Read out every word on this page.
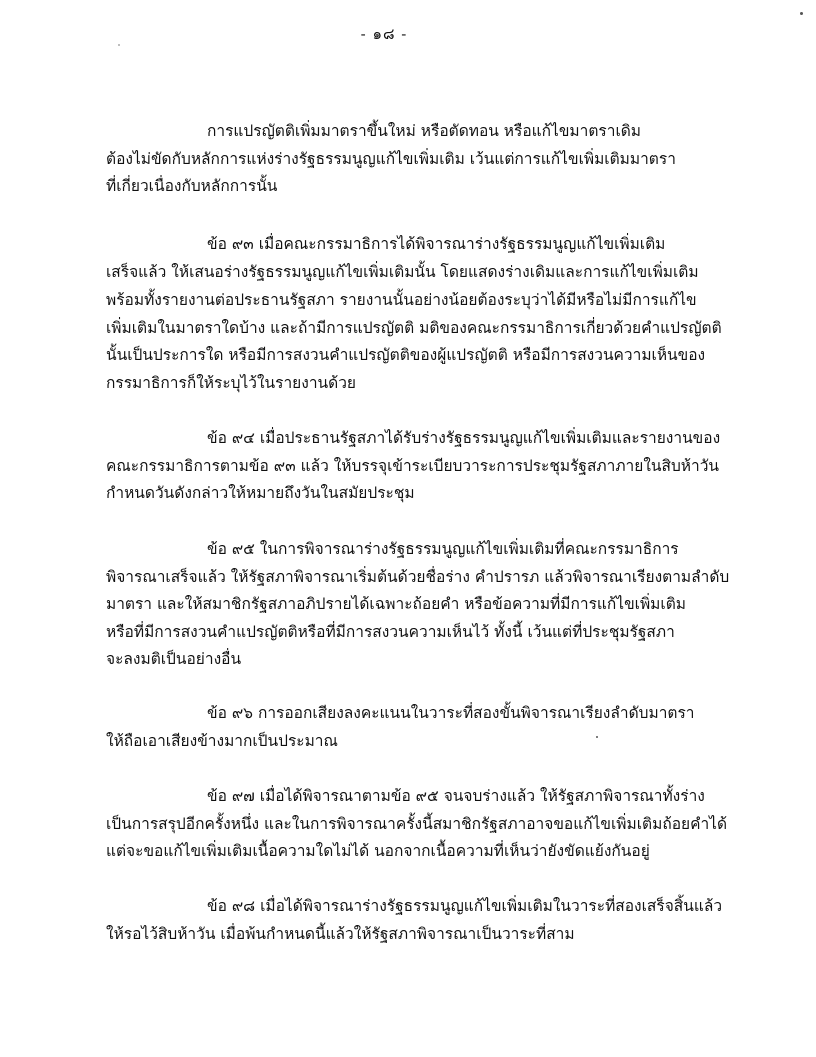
- ๑๘ -
การแปรญัตติเพิ่มมาตราขึ้นใหม่ หรือตัดทอน หรือแก้ไขมาตราเดิม
ต้องไม่ขัดกับหลักการแห่งร่างรัฐธรรมนูญแก้ไขเพิ่มเติม เว้นแต่การแก้ไขเพิ่มเติมมาตรา
ที่เกี่ยวเนื่องกับหลักการนั้น
ข้อ ๙๓ เมื่อคณะกรรมาธิการได้พิจารณาร่างรัฐธรรมนูญแก้ไขเพิ่มเติม
เสร็จแล้ว ให้เสนอร่างรัฐธรรมนูญแก้ไขเพิ่มเติมนั้น โดยแสดงร่างเดิมและการแก้ไขเพิ่มเติม
พร้อมทั้งรายงานต่อประธานรัฐสภา รายงานนั้นอย่างน้อยต้องระบุว่าได้มีหรือไม่มีการแก้ไข
เพิ่มเติมในมาตราใดบ้าง และถ้ามีการแปรญัตติ มติของคณะกรรมาธิการเกี่ยวด้วยคำแปรญัตติ
นั้นเป็นประการใด หรือมีการสงวนคำแปรญัตติของผู้แปรญัตติ หรือมีการสงวนความเห็นของ
กรรมาธิการก็ให้ระบุไว้ในรายงานด้วย
ข้อ ๙๔ เมื่อประธานรัฐสภาได้รับร่างรัฐธรรมนูญแก้ไขเพิ่มเติมและรายงานของ
คณะกรรมาธิการตามข้อ ๙๓ แล้ว ให้บรรจุเข้าระเบียบวาระการประชุมรัฐสภาภายในสิบห้าวัน
กำหนดวันดังกล่าวให้หมายถึงวันในสมัยประชุม
ข้อ ๙๕ ในการพิจารณาร่างรัฐธรรมนูญแก้ไขเพิ่มเติมที่คณะกรรมาธิการ
พิจารณาเสร็จแล้ว ให้รัฐสภาพิจารณาเริ่มต้นด้วยชื่อร่าง คำปรารภ แล้วพิจารณาเรียงตามลำดับ
มาตรา และให้สมาชิกรัฐสภาอภิปรายได้เฉพาะถ้อยคำ หรือข้อความที่มีการแก้ไขเพิ่มเติม
หรือที่มีการสงวนคำแปรญัตติหรือที่มีการสงวนความเห็นไว้ ทั้งนี้ เว้นแต่ที่ประชุมรัฐสภา
จะลงมติเป็นอย่างอื่น
ข้อ ๙๖ การออกเสียงลงคะแนนในวาระที่สองขั้นพิจารณาเรียงลำดับมาตรา
ให้ถือเอาเสียงข้างมากเป็นประมาณ
ข้อ ๙๗ เมื่อได้พิจารณาตามข้อ ๙๕ จนจบร่างแล้ว ให้รัฐสภาพิจารณาทั้งร่าง
เป็นการสรุปอีกครั้งหนึ่ง และในการพิจารณาครั้งนี้สมาชิกรัฐสภาอาจขอแก้ไขเพิ่มเติมถ้อยคำได้
แต่จะขอแก้ไขเพิ่มเติมเนื้อความใดไม่ได้ นอกจากเนื้อความที่เห็นว่ายังขัดแย้งกันอยู่
ข้อ ๙๘ เมื่อได้พิจารณาร่างรัฐธรรมนูญแก้ไขเพิ่มเติมในวาระที่สองเสร็จสิ้นแล้ว
ให้รอไว้สิบห้าวัน เมื่อพ้นกำหนดนี้แล้วให้รัฐสภาพิจารณาเป็นวาระที่สาม
